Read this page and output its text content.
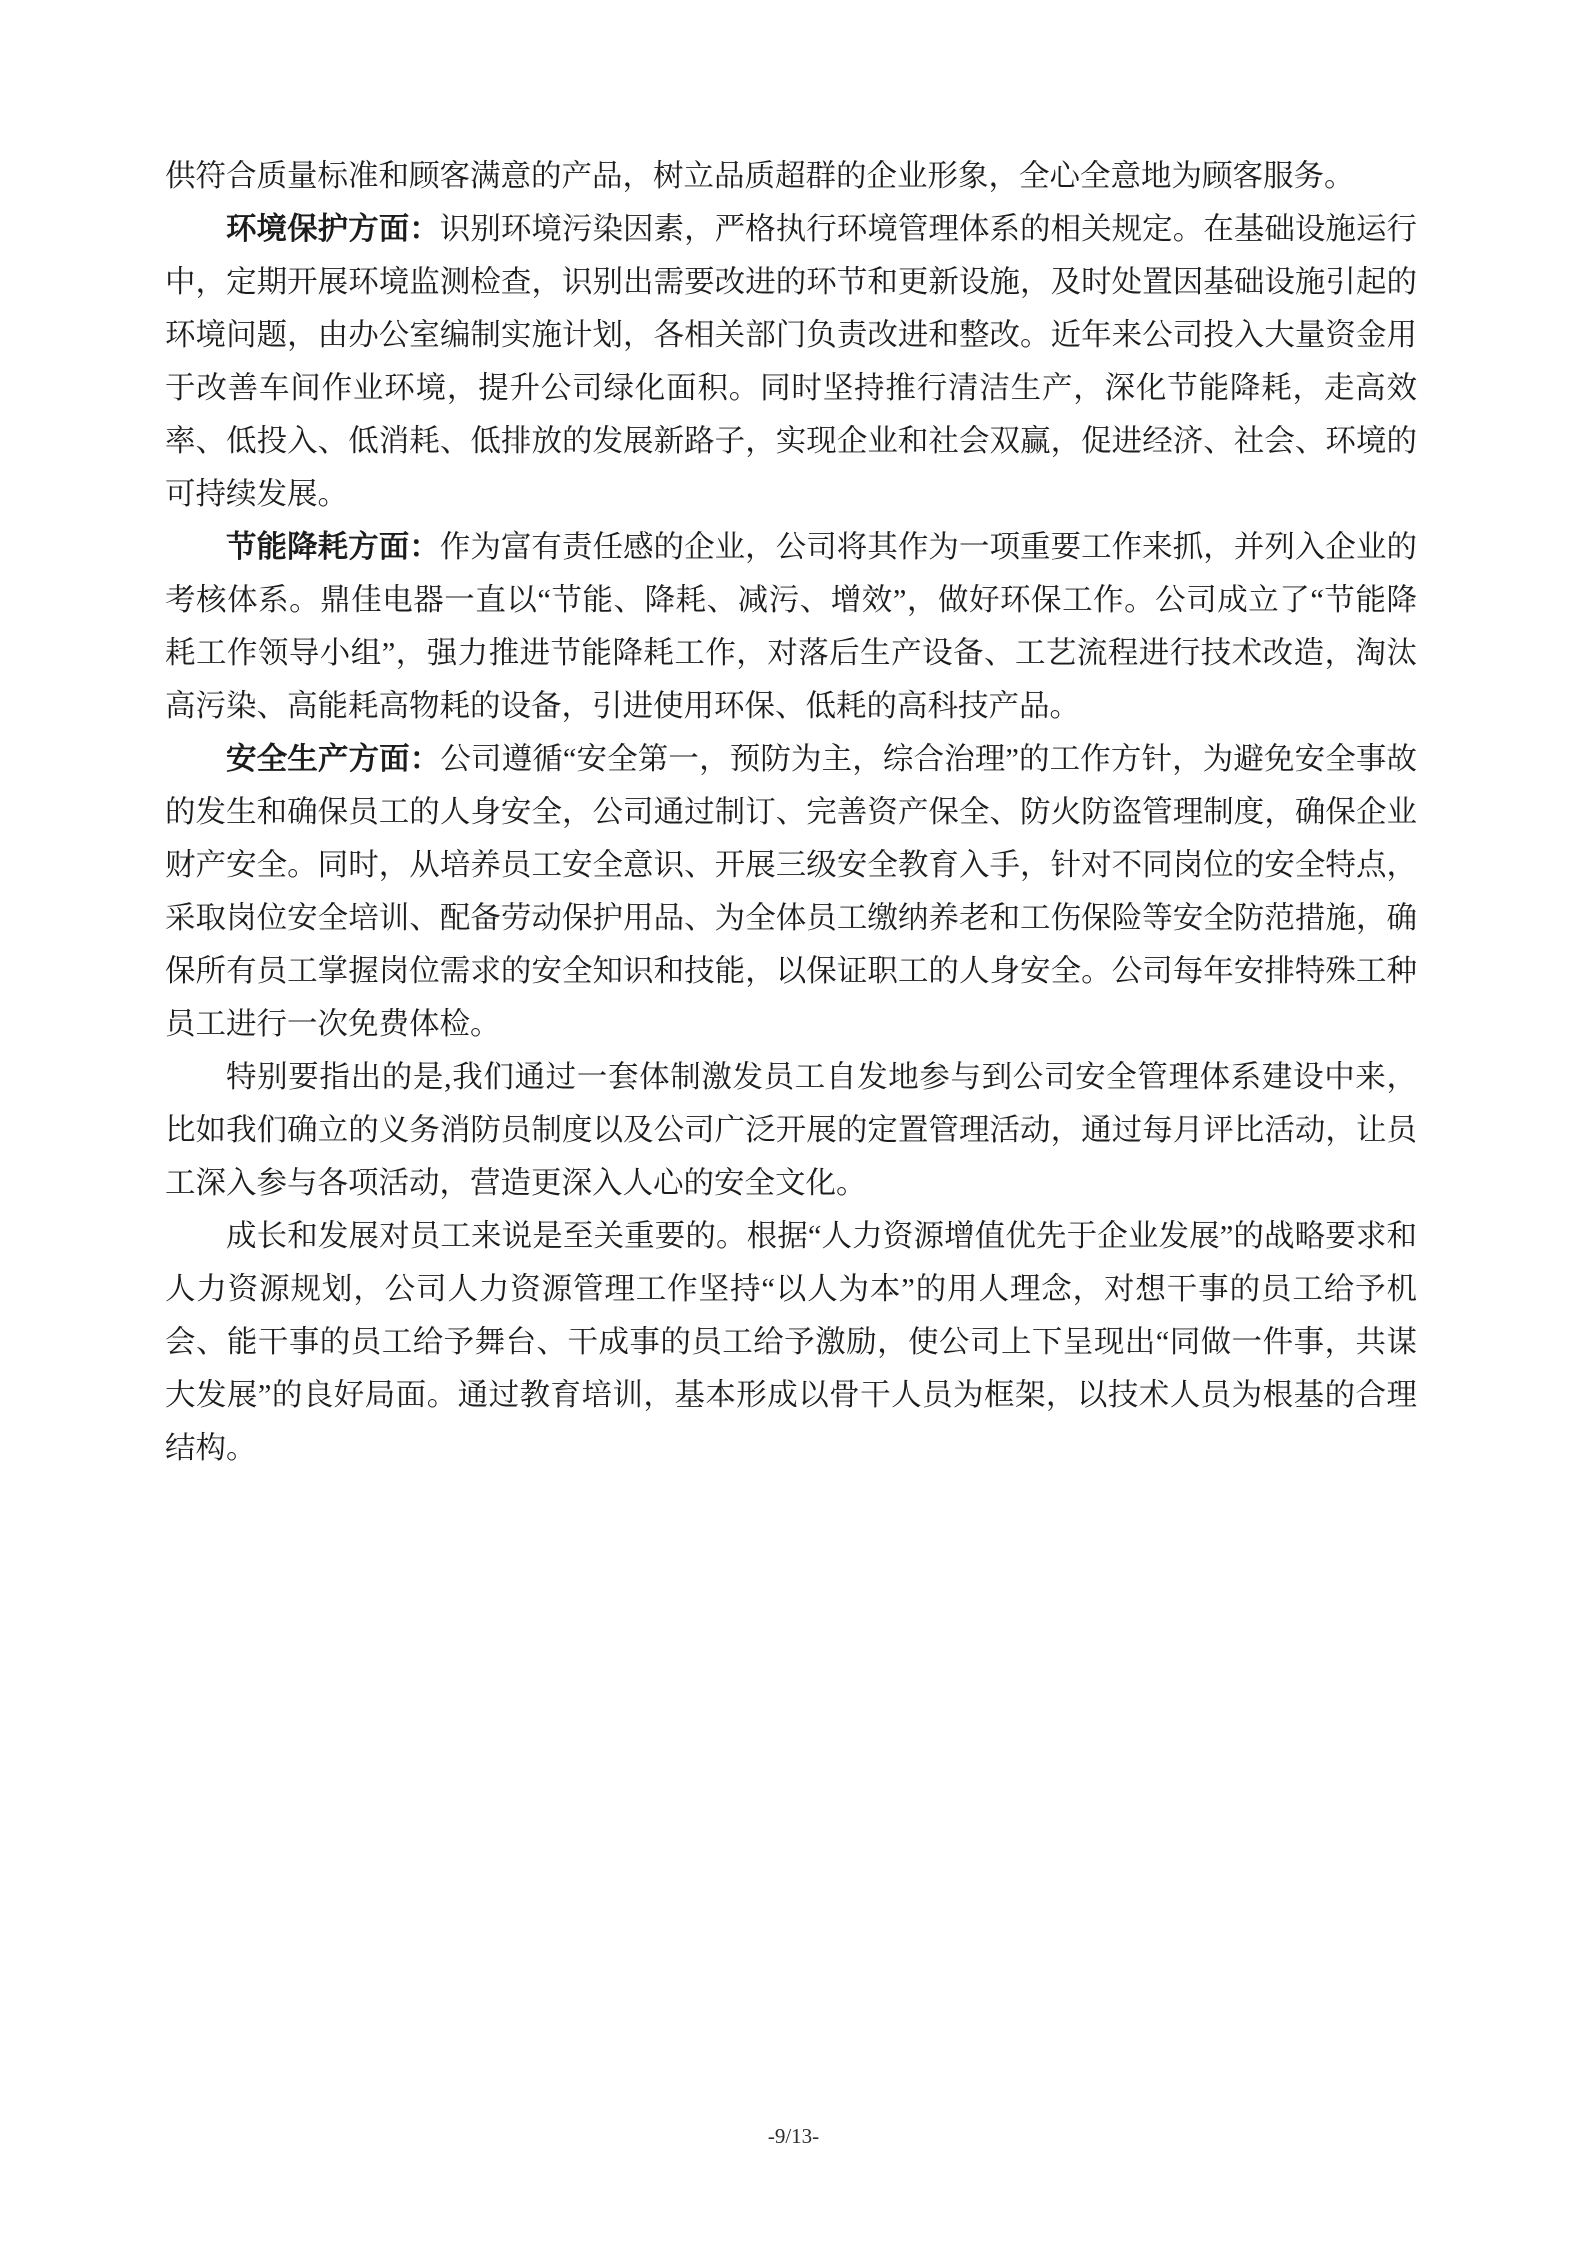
供符合质量标准和顾客满意的产品，树立品质超群的企业形象，全心全意地为顾客服务。

环境保护方面：识别环境污染因素，严格执行环境管理体系的相关规定。在基础设施运行中，定期开展环境监测检查，识别出需要改进的环节和更新设施，及时处置因基础设施引起的环境问题，由办公室编制实施计划，各相关部门负责改进和整改。近年来公司投入大量资金用于改善车间作业环境，提升公司绿化面积。同时坚持推行清洁生产，深化节能降耗，走高效率、低投入、低消耗、低排放的发展新路子，实现企业和社会双赢，促进经济、社会、环境的可持续发展。

节能降耗方面：作为富有责任感的企业，公司将其作为一项重要工作来抓，并列入企业的考核体系。鼎佳电器一直以“节能、降耗、减污、增效”，做好环保工作。公司成立了“节能降耗工作领导小组”，强力推进节能降耗工作，对落后生产设备、工艺流程进行技术改造，淘汰高污染、高能耗高物耗的设备，引进使用环保、低耗的高科技产品。

安全生产方面：公司遵循“安全第一，预防为主，综合治理”的工作方针，为避免安全事故的发生和确保员工的人身安全，公司通过制订、完善资产保全、防火防盗管理制度，确保企业财产安全。同时，从培养员工安全意识、开展三级安全教育入手，针对不同岗位的安全特点，采取岗位安全培训、配备劳动保护用品、为全体员工缴纳养老和工伤保险等安全防范措施，确保所有员工掌握岗位需求的安全知识和技能，以保证职工的人身安全。公司每年安排特殊工种员工进行一次免费体检。

特别要指出的是,我们通过一套体制激发员工自发地参与到公司安全管理体系建设中来，比如我们确立的义务消防员制度以及公司广泛开展的定置管理活动，通过每月评比活动，让员工深入参与各项活动，营造更深入人心的安全文化。

成长和发展对员工来说是至关重要的。根据“人力资源增值优先于企业发展”的战略要求和人力资源规划，公司人力资源管理工作坚持“以人为本”的用人理念，对想干事的员工给予机会、能干事的员工给予舞台、干成事的员工给予激励，使公司上下呈现出“同做一件事，共谋大发展”的良好局面。通过教育培训，基本形成以骨干人员为框架，以技术人员为根基的合理结构。

-9/13-
